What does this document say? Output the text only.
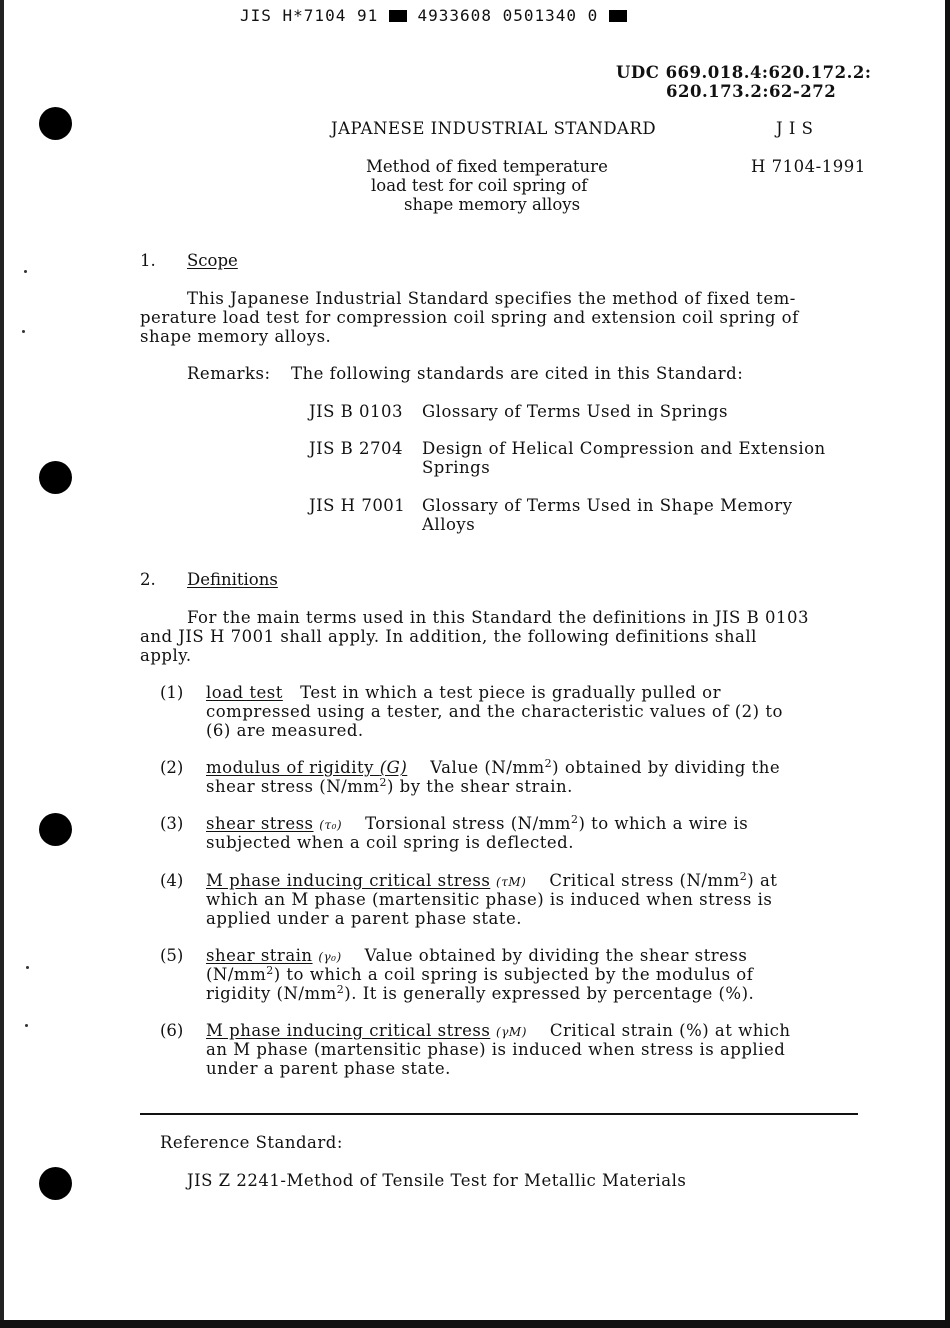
JIS H*7104 91 4933608 0501340 0
UDC 669.018.4:620.172.2:
620.173.2:62-272
JAPANESE INDUSTRIAL STANDARD	J I S
Method of fixed temperature
load test for coil spring of
shape memory alloys
H 7104-1991
1. Scope
This Japanese Industrial Standard specifies the method of fixed tem-
perature load test for compression coil spring and extension coil spring of
shape memory alloys.
Remarks: The following standards are cited in this Standard:
JIS B 0103 Glossary of Terms Used in Springs
JIS B 2704 Design of Helical Compression and Extension
Springs
JIS H 7001 Glossary of Terms Used in Shape Memory
Alloys
2. Definitions
For the main terms used in this Standard the definitions in JIS B 0103
and JIS H 7001 shall apply. In addition, the following definitions shall
apply.
(1) load test Test in which a test piece is gradually pulled or
compressed using a tester, and the characteristic values of (2) to
(6) are measured.
(2) modulus of rigidity (G) Value $(N/mm^2)$ obtained by dividing the
shear stress $(N/mm^2)$ by the shear strain.
(3) shear stress (τ₀) Torsional stress $(N/mm^2)$ to which a wire is
subjected when a coil spring is deflected.
(4) M phase inducing critical stress (τM) Critical stress $(N/mm^2)$ at
which an M phase (martensitic phase) is induced when stress is
applied under a parent phase state.
(5) shear strain (γ₀) Value obtained by dividing the shear stress
$(N/mm^2)$ to which a coil spring is subjected by the modulus of
rigidity $(N/mm^2)$. It is generally expressed by percentage (%).
(6) M phase inducing critical stress (γM) Critical strain (%) at which
an M phase (martensitic phase) is induced when stress is applied
under a parent phase state.
Reference Standard:
JIS Z 2241-Method of Tensile Test for Metallic Materials
